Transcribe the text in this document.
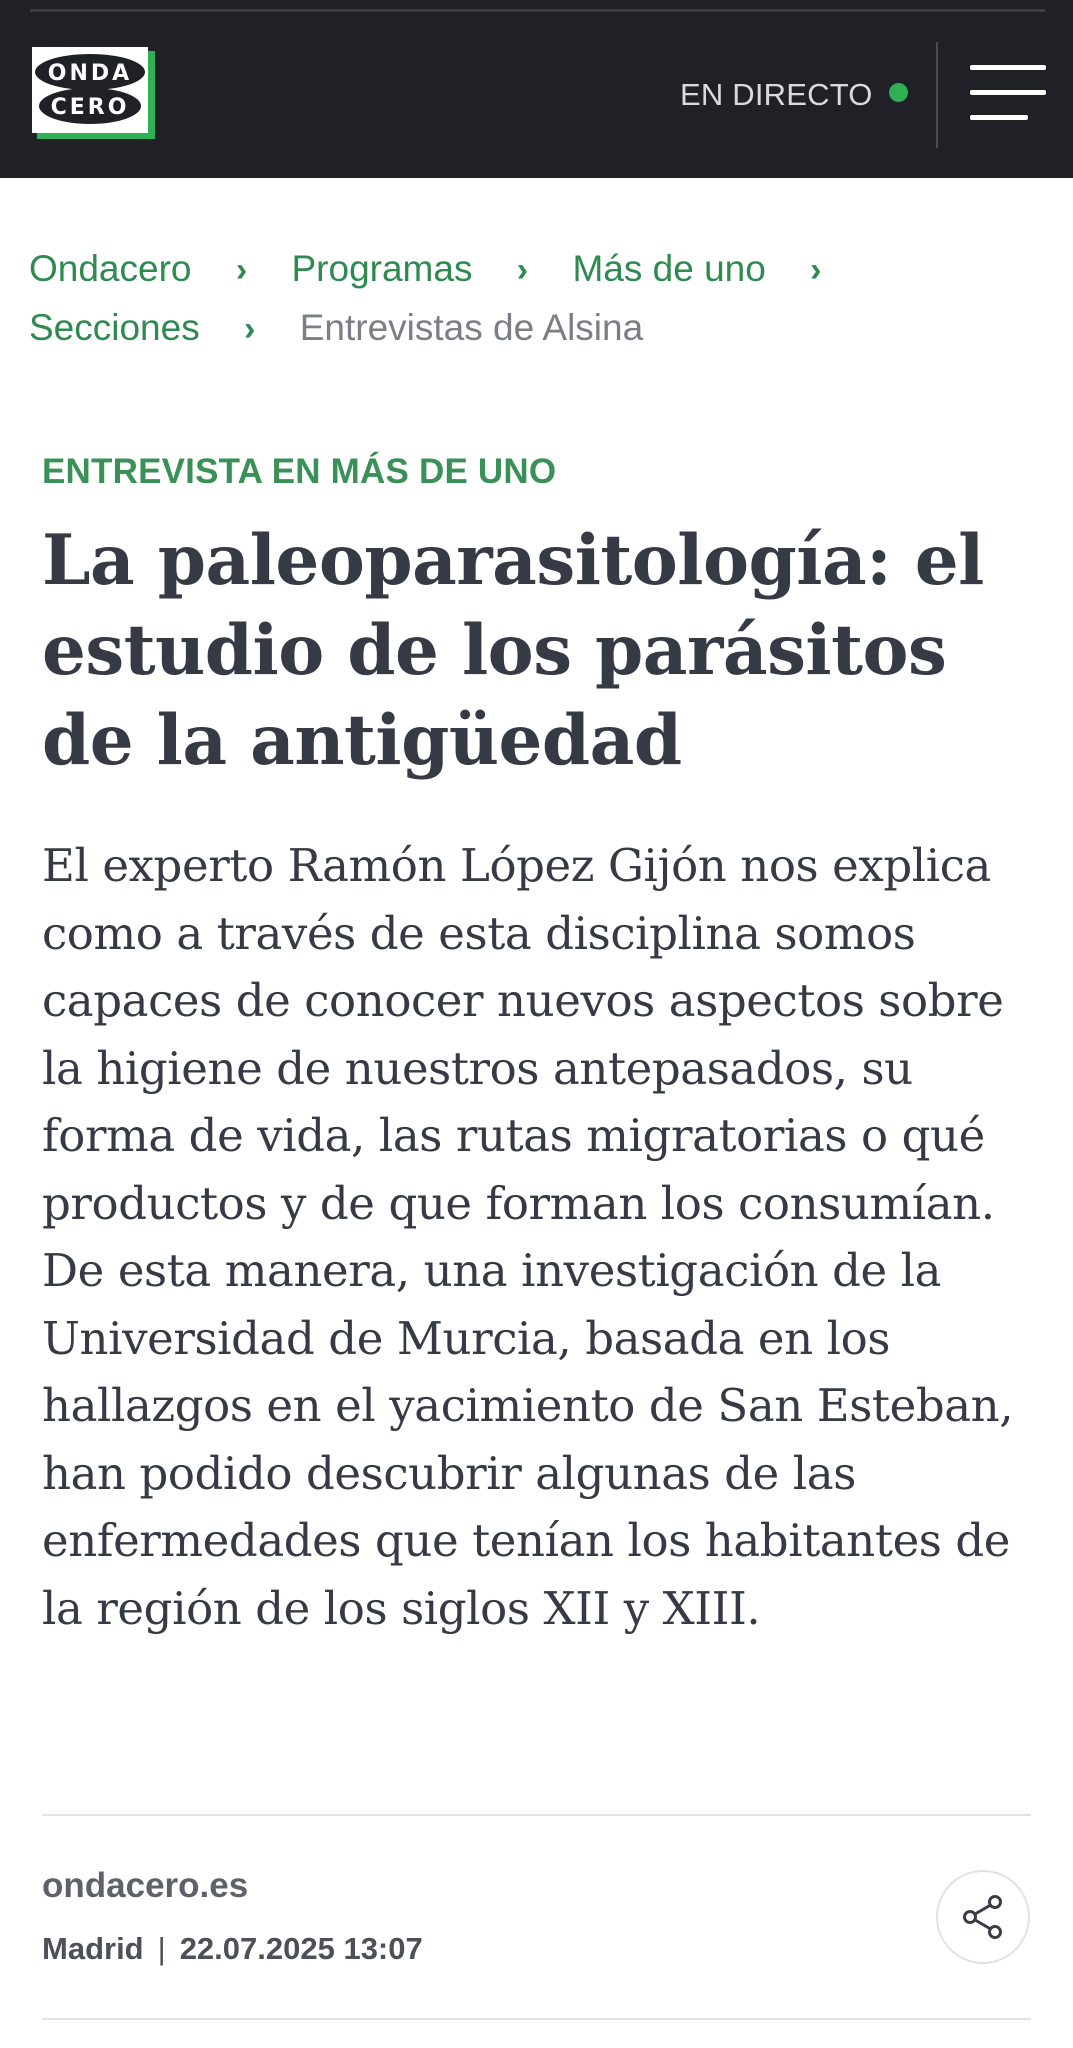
ONDA
CERO	EN DIRECTO
Ondacero › Programas › Más de uno ›
Secciones › Entrevistas de Alsina
ENTREVISTA EN MÁS DE UNO
La paleoparasitología: el estudio de los parásitos de la antigüedad

El experto Ramón López Gijón nos explica como a través de esta disciplina somos capaces de conocer nuevos aspectos sobre la higiene de nuestros antepasados, su forma de vida, las rutas migratorias o qué productos y de que forman los consumían. De esta manera, una investigación de la Universidad de Murcia, basada en los hallazgos en el yacimiento de San Esteban, han podido descubrir algunas de las enfermedades que tenían los habitantes de la región de los siglos XII y XIII.

ondacero.es
Madrid | 22.07.2025 13:07
